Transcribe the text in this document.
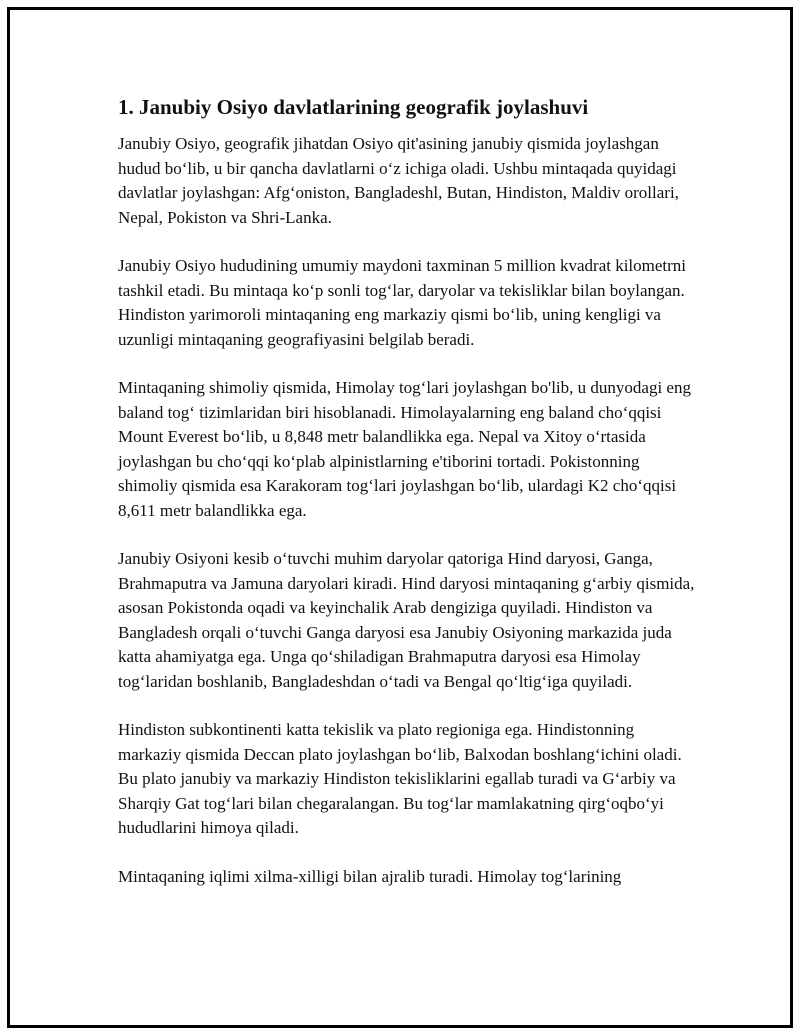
1. Janubiy Osiyo davlatlarining geografik joylashuvi

Janubiy Osiyo, geografik jihatdan Osiyo qit'asining janubiy qismida joylashgan hudud bo‘lib, u bir qancha davlatlarni o‘z ichiga oladi. Ushbu mintaqada quyidagi davlatlar joylashgan: Afg‘oniston, Bangladeshl, Butan, Hindiston, Maldiv orollari, Nepal, Pokiston va Shri-Lanka.

Janubiy Osiyo hududining umumiy maydoni taxminan 5 million kvadrat kilometrni tashkil etadi. Bu mintaqa ko‘p sonli tog‘lar, daryolar va tekisliklar bilan boylangan. Hindiston yarimoroli mintaqaning eng markaziy qismi bo‘lib, uning kengligi va uzunligi mintaqaning geografiyasini belgilab beradi.

Mintaqaning shimoliy qismida, Himolay tog‘lari joylashgan bo'lib, u dunyodagi eng baland tog‘ tizimlaridan biri hisoblanadi. Himolayalarning eng baland cho‘qqisi Mount Everest bo‘lib, u 8,848 metr balandlikka ega. Nepal va Xitoy o‘rtasida joylashgan bu cho‘qqi ko‘plab alpinistlarning e'tiborini tortadi. Pokistonning shimoliy qismida esa Karakoram tog‘lari joylashgan bo‘lib, ulardagi K2 cho‘qqisi 8,611 metr balandlikka ega.

Janubiy Osiyoni kesib o‘tuvchi muhim daryolar qatoriga Hind daryosi, Ganga, Brahmaputra va Jamuna daryolari kiradi. Hind daryosi mintaqaning g‘arbiy qismida, asosan Pokistonda oqadi va keyinchalik Arab dengiziga quyiladi. Hindiston va Bangladesh orqali o‘tuvchi Ganga daryosi esa Janubiy Osiyoning markazida juda katta ahamiyatga ega. Unga qo‘shiladigan Brahmaputra daryosi esa Himolay tog‘laridan boshlanib, Bangladeshdan o‘tadi va Bengal qo‘ltig‘iga quyiladi.

Hindiston subkontinenti katta tekislik va plato regioniga ega. Hindistonning markaziy qismida Deccan plato joylashgan bo‘lib, Balxodan boshlang‘ichini oladi. Bu plato janubiy va markaziy Hindiston tekisliklarini egallab turadi va G‘arbiy va Sharqiy Gat tog‘lari bilan chegaralangan. Bu tog‘lar mamlakatning qirg‘oqbo‘yi hududlarini himoya qiladi.

Mintaqaning iqlimi xilma-xilligi bilan ajralib turadi. Himolay tog‘larining
